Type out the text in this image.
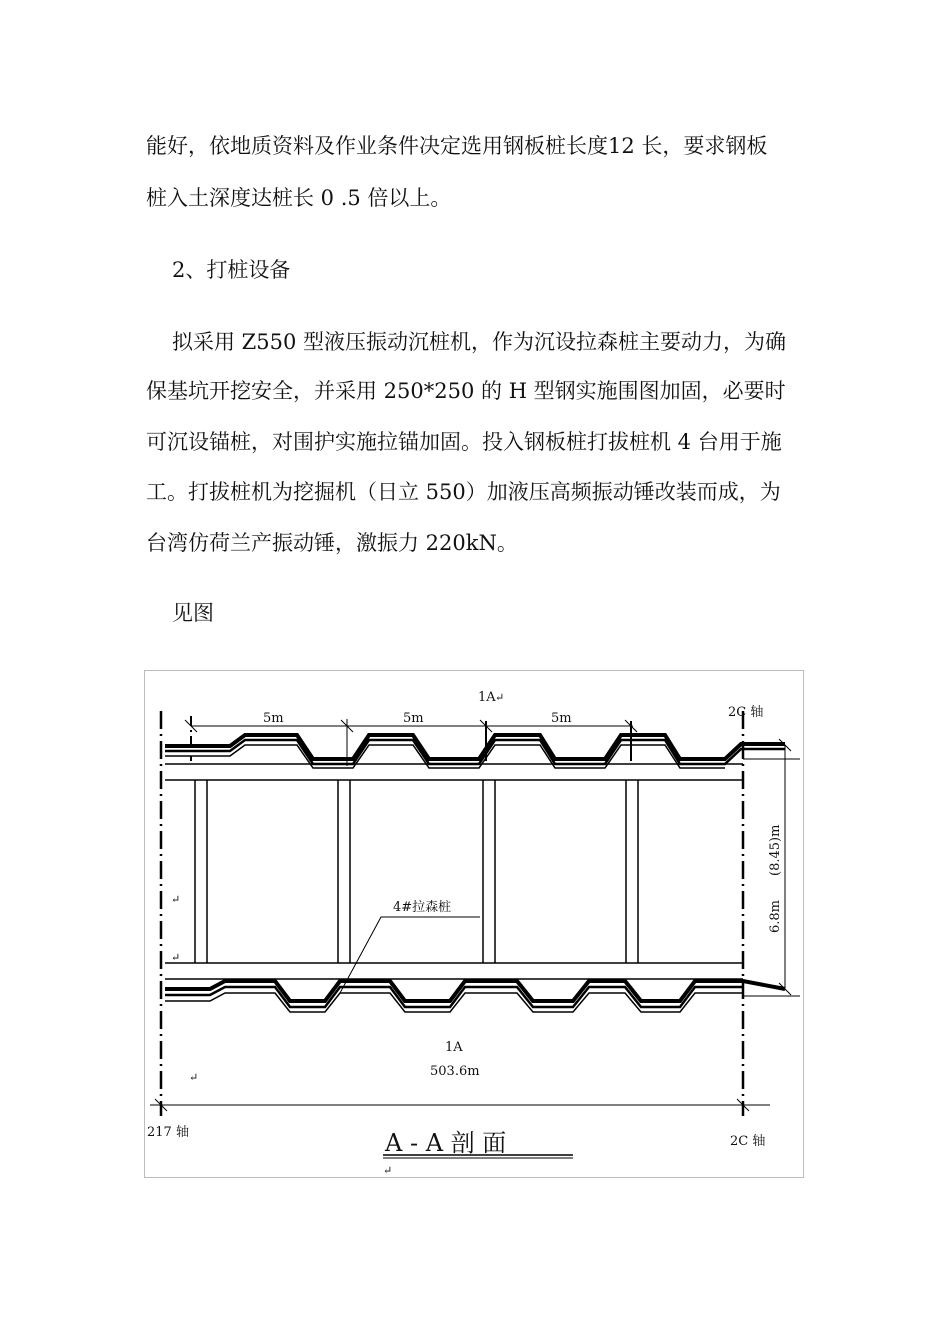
能好，依地质资料及作业条件决定选用钢板桩长度12 长，要求钢板

桩入土深度达桩长 0 .5 倍以上。

2、打桩设备

拟采用 Z550 型液压振动沉桩机，作为沉设拉森桩主要动力，为确

保基坑开挖安全，并采用 250*250 的 H 型钢实施围图加固，必要时

可沉设锚桩，对围护实施拉锚加固。投入钢板桩打拔桩机 4 台用于施

工。打拔桩机为挖掘机（日立 550）加液压高频振动锤改装而成，为

台湾仿荷兰产振动锤，激振力 220kN。

见图

1A
5m	5m	5m	2C 轴
(8.45)m
6.8m
4#拉森桩
1A
503.6m
217 轴
2C 轴
A - A 剖 面
↵
↵
↵
↵
↵
